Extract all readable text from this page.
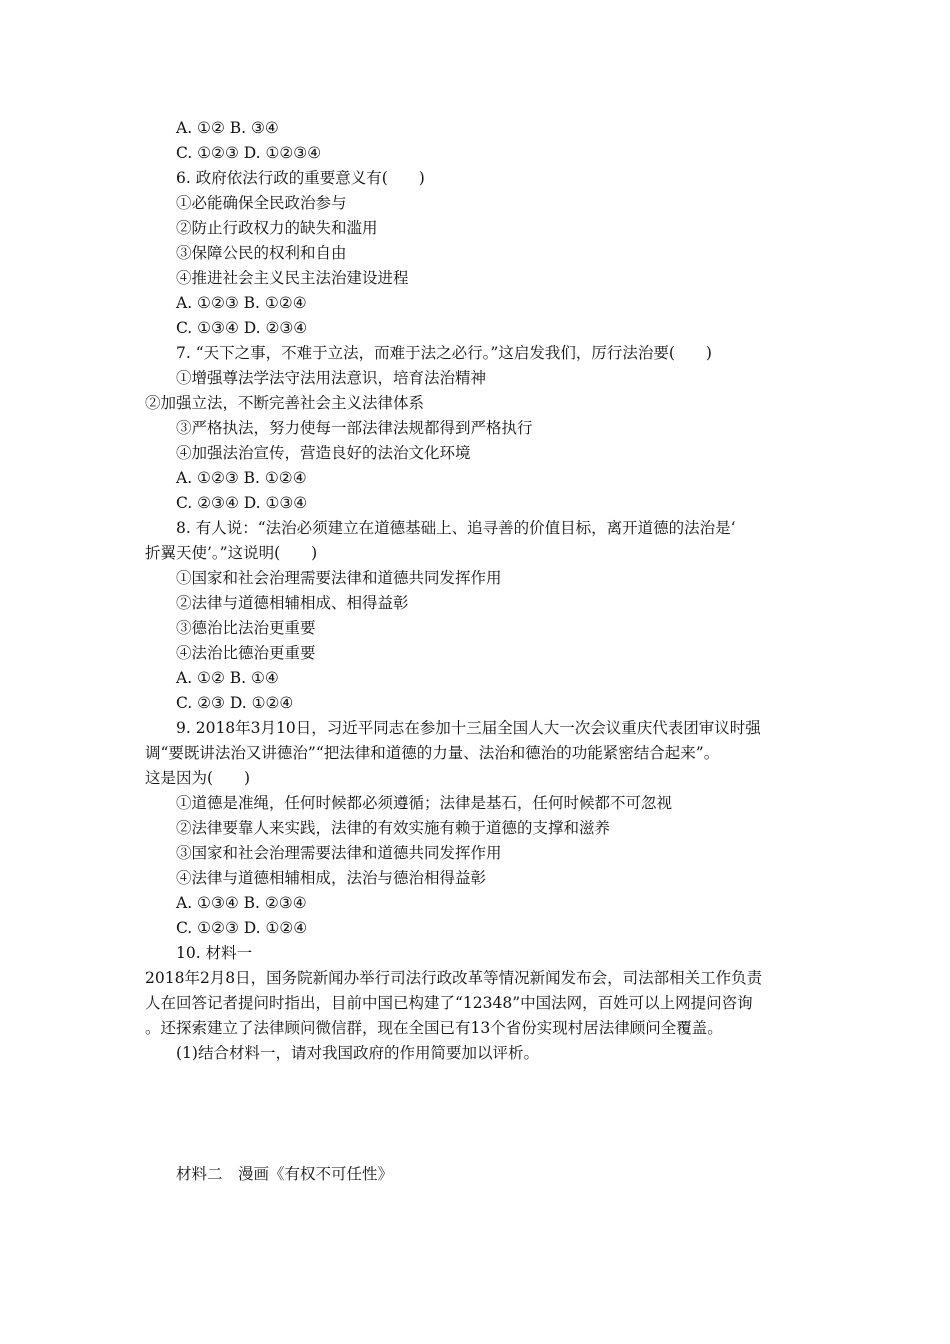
A. ①② B. ③④
C. ①②③ D. ①②③④
6. 政府依法行政的重要意义有(　　)
①必能确保全民政治参与
②防止行政权力的缺失和滥用
③保障公民的权利和自由
④推进社会主义民主法治建设进程
A. ①②③ B. ①②④
C. ①③④ D. ②③④
7. “天下之事，不难于立法，而难于法之必行。”这启发我们，厉行法治要(　　)
①增强尊法学法守法用法意识，培育法治精神
②加强立法，不断完善社会主义法律体系
③严格执法，努力使每一部法律法规都得到严格执行
④加强法治宣传，营造良好的法治文化环境
A. ①②③ B. ①②④
C. ②③④ D. ①③④
8. 有人说：“法治必须建立在道德基础上、追寻善的价值目标，离开道德的法治是‘
折翼天使’。”这说明(　　)
①国家和社会治理需要法律和道德共同发挥作用
②法律与道德相辅相成、相得益彰
③德治比法治更重要
④法治比德治更重要
A. ①② B. ①④
C. ②③ D. ①②④
9. 2018年3月10日，习近平同志在参加十三届全国人大一次会议重庆代表团审议时强
调“要既讲法治又讲德治”“把法律和道德的力量、法治和德治的功能紧密结合起来”。
这是因为(　　)
①道德是准绳，任何时候都必须遵循；法律是基石，任何时候都不可忽视
②法律要靠人来实践，法律的有效实施有赖于道德的支撑和滋养
③国家和社会治理需要法律和道德共同发挥作用
④法律与道德相辅相成，法治与德治相得益彰
A. ①③④ B. ②③④
C. ①②③ D. ①②④
10. 材料一
2018年2月8日，国务院新闻办举行司法行政改革等情况新闻发布会，司法部相关工作负责
人在回答记者提问时指出，目前中国已构建了“12348”中国法网，百姓可以上网提问咨询
。还探索建立了法律顾问微信群，现在全国已有13个省份实现村居法律顾问全覆盖。
(1)结合材料一，请对我国政府的作用简要加以评析。
材料二　漫画《有权不可任性》
